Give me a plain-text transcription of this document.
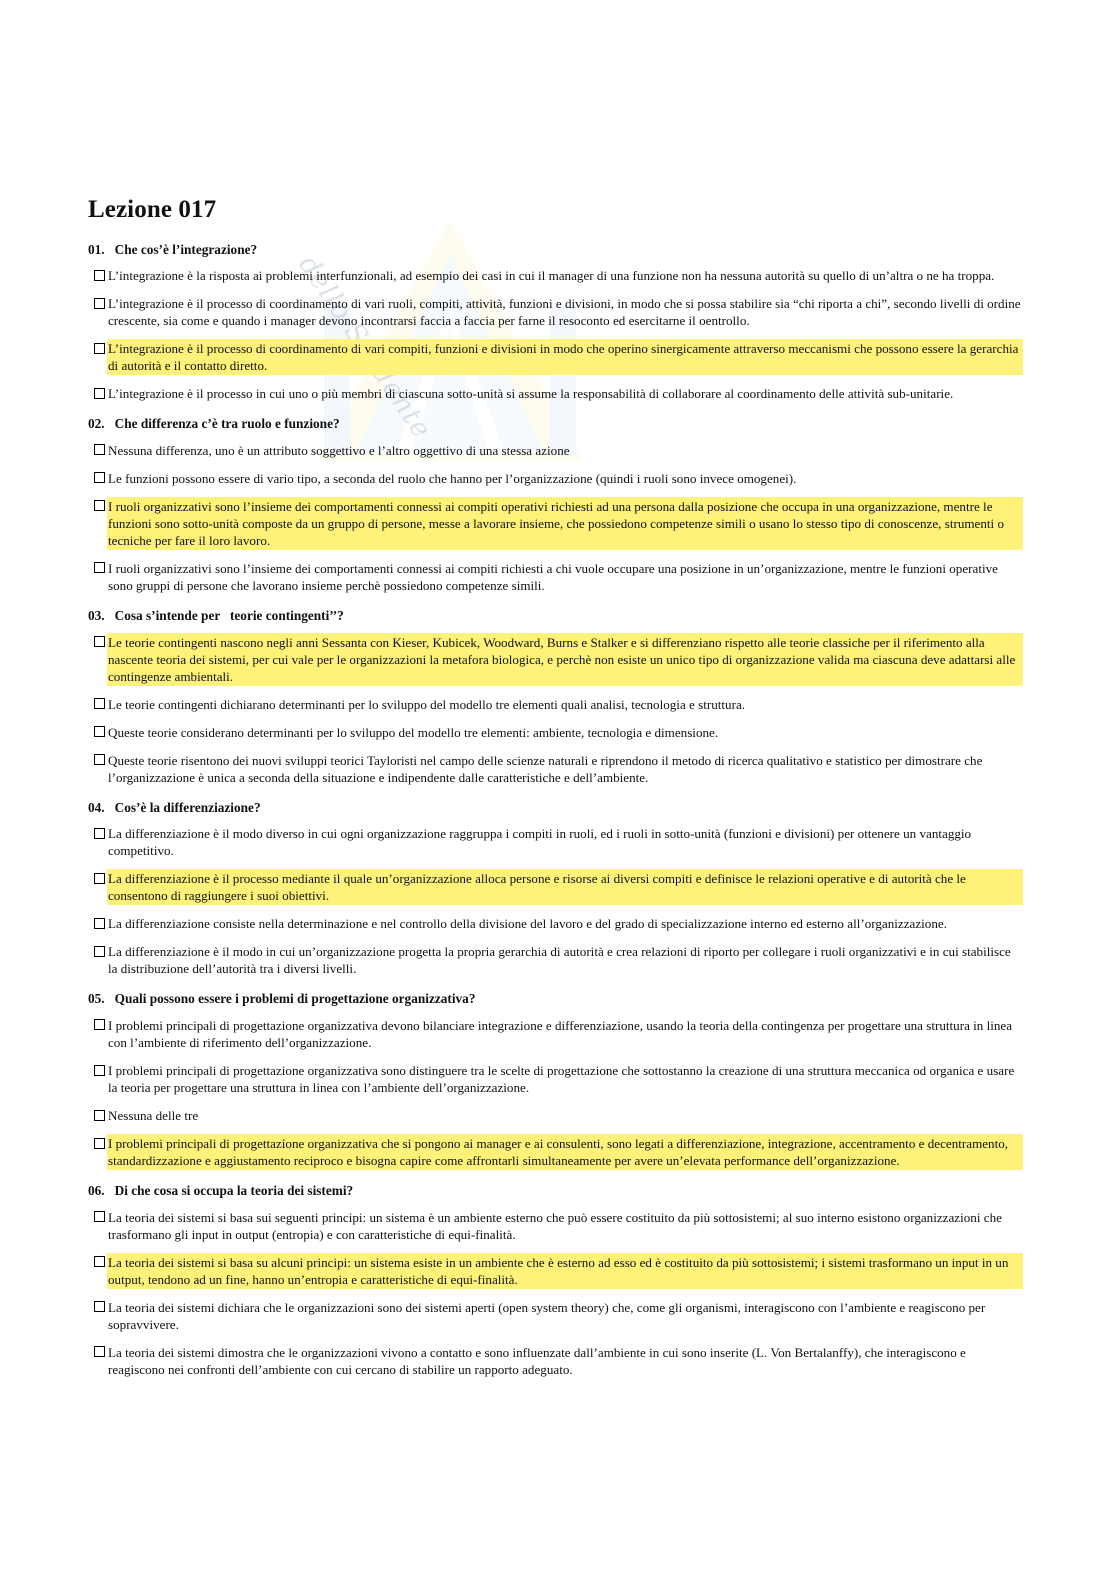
Lezione 017
01. Che cos’è l’integrazione?
L’integrazione è la risposta ai problemi interfunzionali, ad esempio dei casi in cui il manager di una funzione non ha nessuna autorità su quello di un’altra o ne ha troppa.
L’integrazione è il processo di coordinamento di vari ruoli, compiti, attività, funzioni e divisioni, in modo che si possa stabilire sia “chi riporta a chi”, secondo livelli di ordine crescente, sia come e quando i manager devono incontrarsi faccia a faccia per farne il resoconto ed esercitarne il oentrollo.
L’integrazione è il processo di coordinamento di vari compiti, funzioni e divisioni in modo che operino sinergicamente attraverso meccanismi che possono essere la gerarchia di autorità e il contatto diretto.
L’integrazione è il processo in cui uno o più membri di ciascuna sotto-unità si assume la responsabilità di collaborare al coordinamento delle attività sub-unitarie.
02. Che differenza c’è tra ruolo e funzione?
Nessuna differenza, uno è un attributo soggettivo e l’altro oggettivo di una stessa azione
Le funzioni possono essere di vario tipo, a seconda del ruolo che hanno per l’organizzazione (quindi i ruoli sono invece omogenei).
I ruoli organizzativi sono l’insieme dei comportamenti connessi ai compiti operativi richiesti ad una persona dalla posizione che occupa in una organizzazione, mentre le funzioni sono sotto-unità composte da un gruppo di persone, messe a lavorare insieme, che possiedono competenze simili o usano lo stesso tipo di conoscenze, strumenti o tecniche per fare il loro lavoro.
I ruoli organizzativi sono l’insieme dei comportamenti connessi ai compiti richiesti a chi vuole occupare una posizione in un’organizzazione, mentre le funzioni operative sono gruppi di persone che lavorano insieme perchè possiedono competenze simili.
03. Cosa s’intende per   teorie contingenti’’?
Le teorie contingenti nascono negli anni Sessanta con Kieser, Kubicek, Woodward, Burns e Stalker e si differenziano rispetto alle teorie classiche per il riferimento alla nascente teoria dei sistemi, per cui vale per le organizzazioni la metafora biologica, e perchè non esiste un unico tipo di organizzazione valida ma ciascuna deve adattarsi alle contingenze ambientali.
Le teorie contingenti dichiarano determinanti per lo sviluppo del modello tre elementi quali analisi, tecnologia e struttura.
Queste teorie considerano determinanti per lo sviluppo del modello tre elementi: ambiente, tecnologia e dimensione.
Queste teorie risentono dei nuovi sviluppi teorici Tayloristi nel campo delle scienze naturali e riprendono il metodo di ricerca qualitativo e statistico per dimostrare che l’organizzazione è unica a seconda della situazione e indipendente dalle caratteristiche e dell’ambiente.
04. Cos’è la differenziazione?
La differenziazione è il modo diverso in cui ogni organizzazione raggruppa i compiti in ruoli, ed i ruoli in sotto-unità (funzioni e divisioni) per ottenere un vantaggio competitivo.
La differenziazione è il processo mediante il quale un’organizzazione alloca persone e risorse ai diversi compiti e definisce le relazioni operative e di autorità che le consentono di raggiungere i suoi obiettivi.
La differenziazione consiste nella determinazione e nel controllo della divisione del lavoro e del grado di specializzazione interno ed esterno all’organizzazione.
La differenziazione è il modo in cui un’organizzazione progetta la propria gerarchia di autorità e crea relazioni di riporto per collegare i ruoli organizzativi e in cui stabilisce la distribuzione dell’autorità tra i diversi livelli.
05. Quali possono essere i problemi di progettazione organizzativa?
I problemi principali di progettazione organizzativa devono bilanciare integrazione e differenziazione, usando la teoria della contingenza per progettare una struttura in linea con l’ambiente di riferimento dell’organizzazione.
I problemi principali di progettazione organizzativa sono distinguere tra le scelte di progettazione che sottostanno la creazione di una struttura meccanica od organica e usare la teoria per progettare una struttura in linea con l’ambiente dell’organizzazione.
Nessuna delle tre
I problemi principali di progettazione organizzativa che si pongono ai manager e ai consulenti, sono legati a differenziazione, integrazione, accentramento e decentramento, standardizzazione e aggiustamento reciproco e bisogna capire come affrontarli simultaneamente per avere un’elevata performance dell’organizzazione.
06. Di che cosa si occupa la teoria dei sistemi?
La teoria dei sistemi si basa sui seguenti principi: un sistema è un ambiente esterno che può essere costituito da più sottosistemi; al suo interno esistono organizzazioni che trasformano gli input in output (entropia) e con caratteristiche di equi-finalità.
La teoria dei sistemi si basa su alcuni principi: un sistema esiste in un ambiente che è esterno ad esso ed è costituito da più sottosistemi; i sistemi trasformano un input in un output, tendono ad un fine, hanno un’entropia e caratteristiche di equi-finalità.
La teoria dei sistemi dichiara che le organizzazioni sono dei sistemi aperti (open system theory) che, come gli organismi, interagiscono con l’ambiente e reagiscono per sopravvivere.
La teoria dei sistemi dimostra che le organizzazioni vivono a contatto e sono influenzate dall’ambiente in cui sono inserite (L. Von Bertalanffy), che interagiscono e reagiscono nei confronti dell’ambiente con cui cercano di stabilire un rapporto adeguato.
